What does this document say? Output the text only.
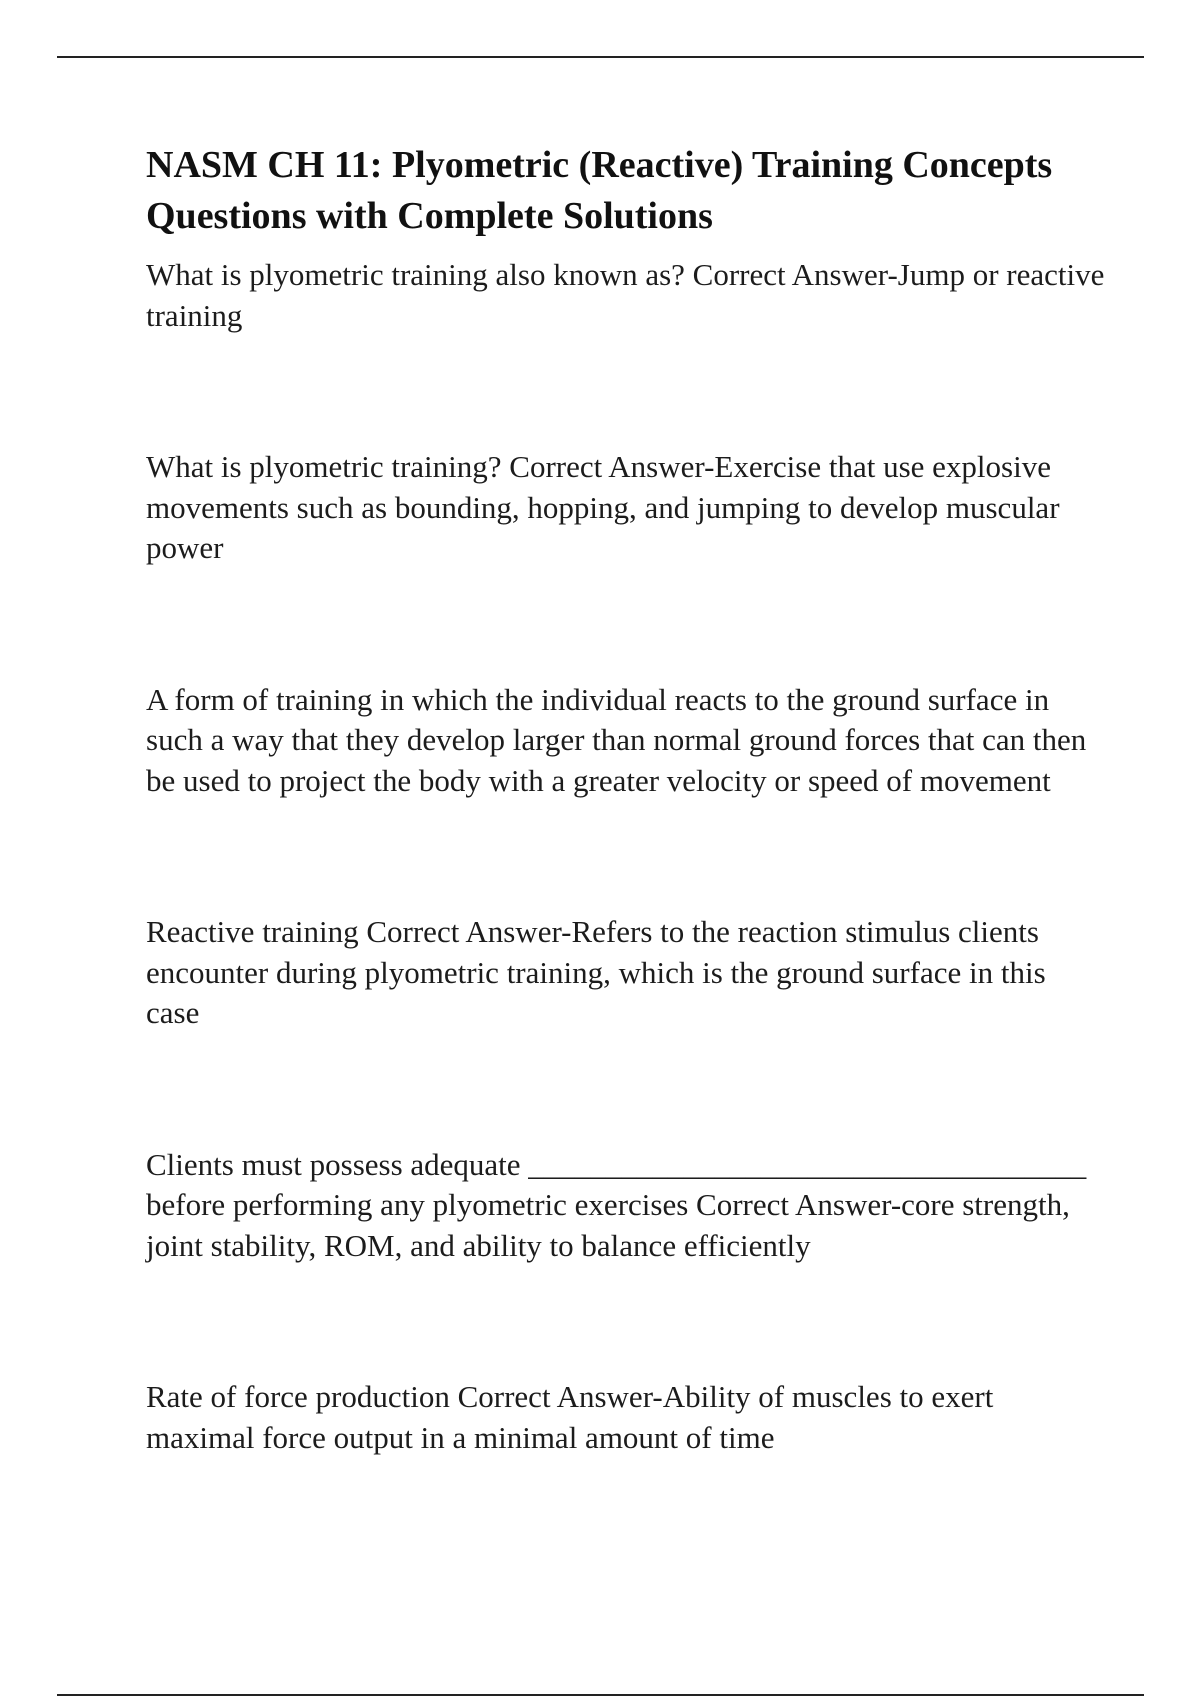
NASM CH 11: Plyometric (Reactive) Training Concepts Questions with Complete Solutions

What is plyometric training also known as? Correct Answer-Jump or reactive training

What is plyometric training? Correct Answer-Exercise that use explosive movements such as bounding, hopping, and jumping to develop muscular power

A form of training in which the individual reacts to the ground surface in such a way that they develop larger than normal ground forces that can then be used to project the body with a greater velocity or speed of movement

Reactive training Correct Answer-Refers to the reaction stimulus clients encounter during plyometric training, which is the ground surface in this case

Clients must possess adequate ____________________________________ before performing any plyometric exercises Correct Answer-core strength, joint stability, ROM, and ability to balance efficiently

Rate of force production Correct Answer-Ability of muscles to exert maximal force output in a minimal amount of time
